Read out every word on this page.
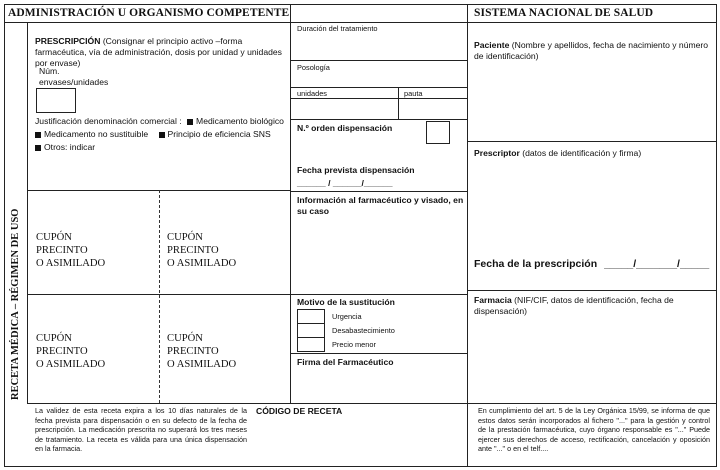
ADMINISTRACIÓN U ORGANISMO COMPETENTE	SISTEMA NACIONAL DE SALUD
RECETA MÉDICA – RÉGIMEN DE USO
PRESCRIPCIÓN (Consignar el principio activo –forma farmacéutica, vía de administración, dosis por unidad y unidades por envase)
Núm.
envases/unidades
Justificación denominación comercial : Medicamento biológico
Medicamento no sustituible Principio de eficiencia SNS
Otros: indicar
CUPÓN
PRECINTO
O ASIMILADO
CUPÓN
PRECINTO
O ASIMILADO
CUPÓN
PRECINTO
O ASIMILADO
CUPÓN
PRECINTO
O ASIMILADO
Duración del tratamiento
Posología
unidades	pauta
N.º orden dispensación
Fecha prevista dispensación
______ / ______/______
Información al farmacéutico y visado, en su caso
Motivo de la sustitución
Urgencia
Desabastecimiento
Precio menor
Firma del Farmacéutico
Paciente (Nombre y apellidos, fecha de nacimiento y número de identificación)
Prescriptor (datos de identificación y firma)
Fecha de la prescripción _____/_______/_____
Farmacia (NIF/CIF, datos de identificación, fecha de dispensación)
La validez de esta receta expira a los 10 días naturales de la fecha prevista para dispensación o en su defecto de la fecha de prescripción. La medicación prescrita no superará los tres meses de tratamiento. La receta es válida para una única dispensación en la farmacia.
CÓDIGO DE RECETA	En cumplimiento del art. 5 de la Ley Orgánica 15/99, se informa de que estos datos serán incorporados al fichero "..." para la gestión y control de la prestación farmacéutica, cuyo órgano responsable es "..." Puede ejercer sus derechos de acceso, rectificación, cancelación y oposición ante "..." o en el telf....
